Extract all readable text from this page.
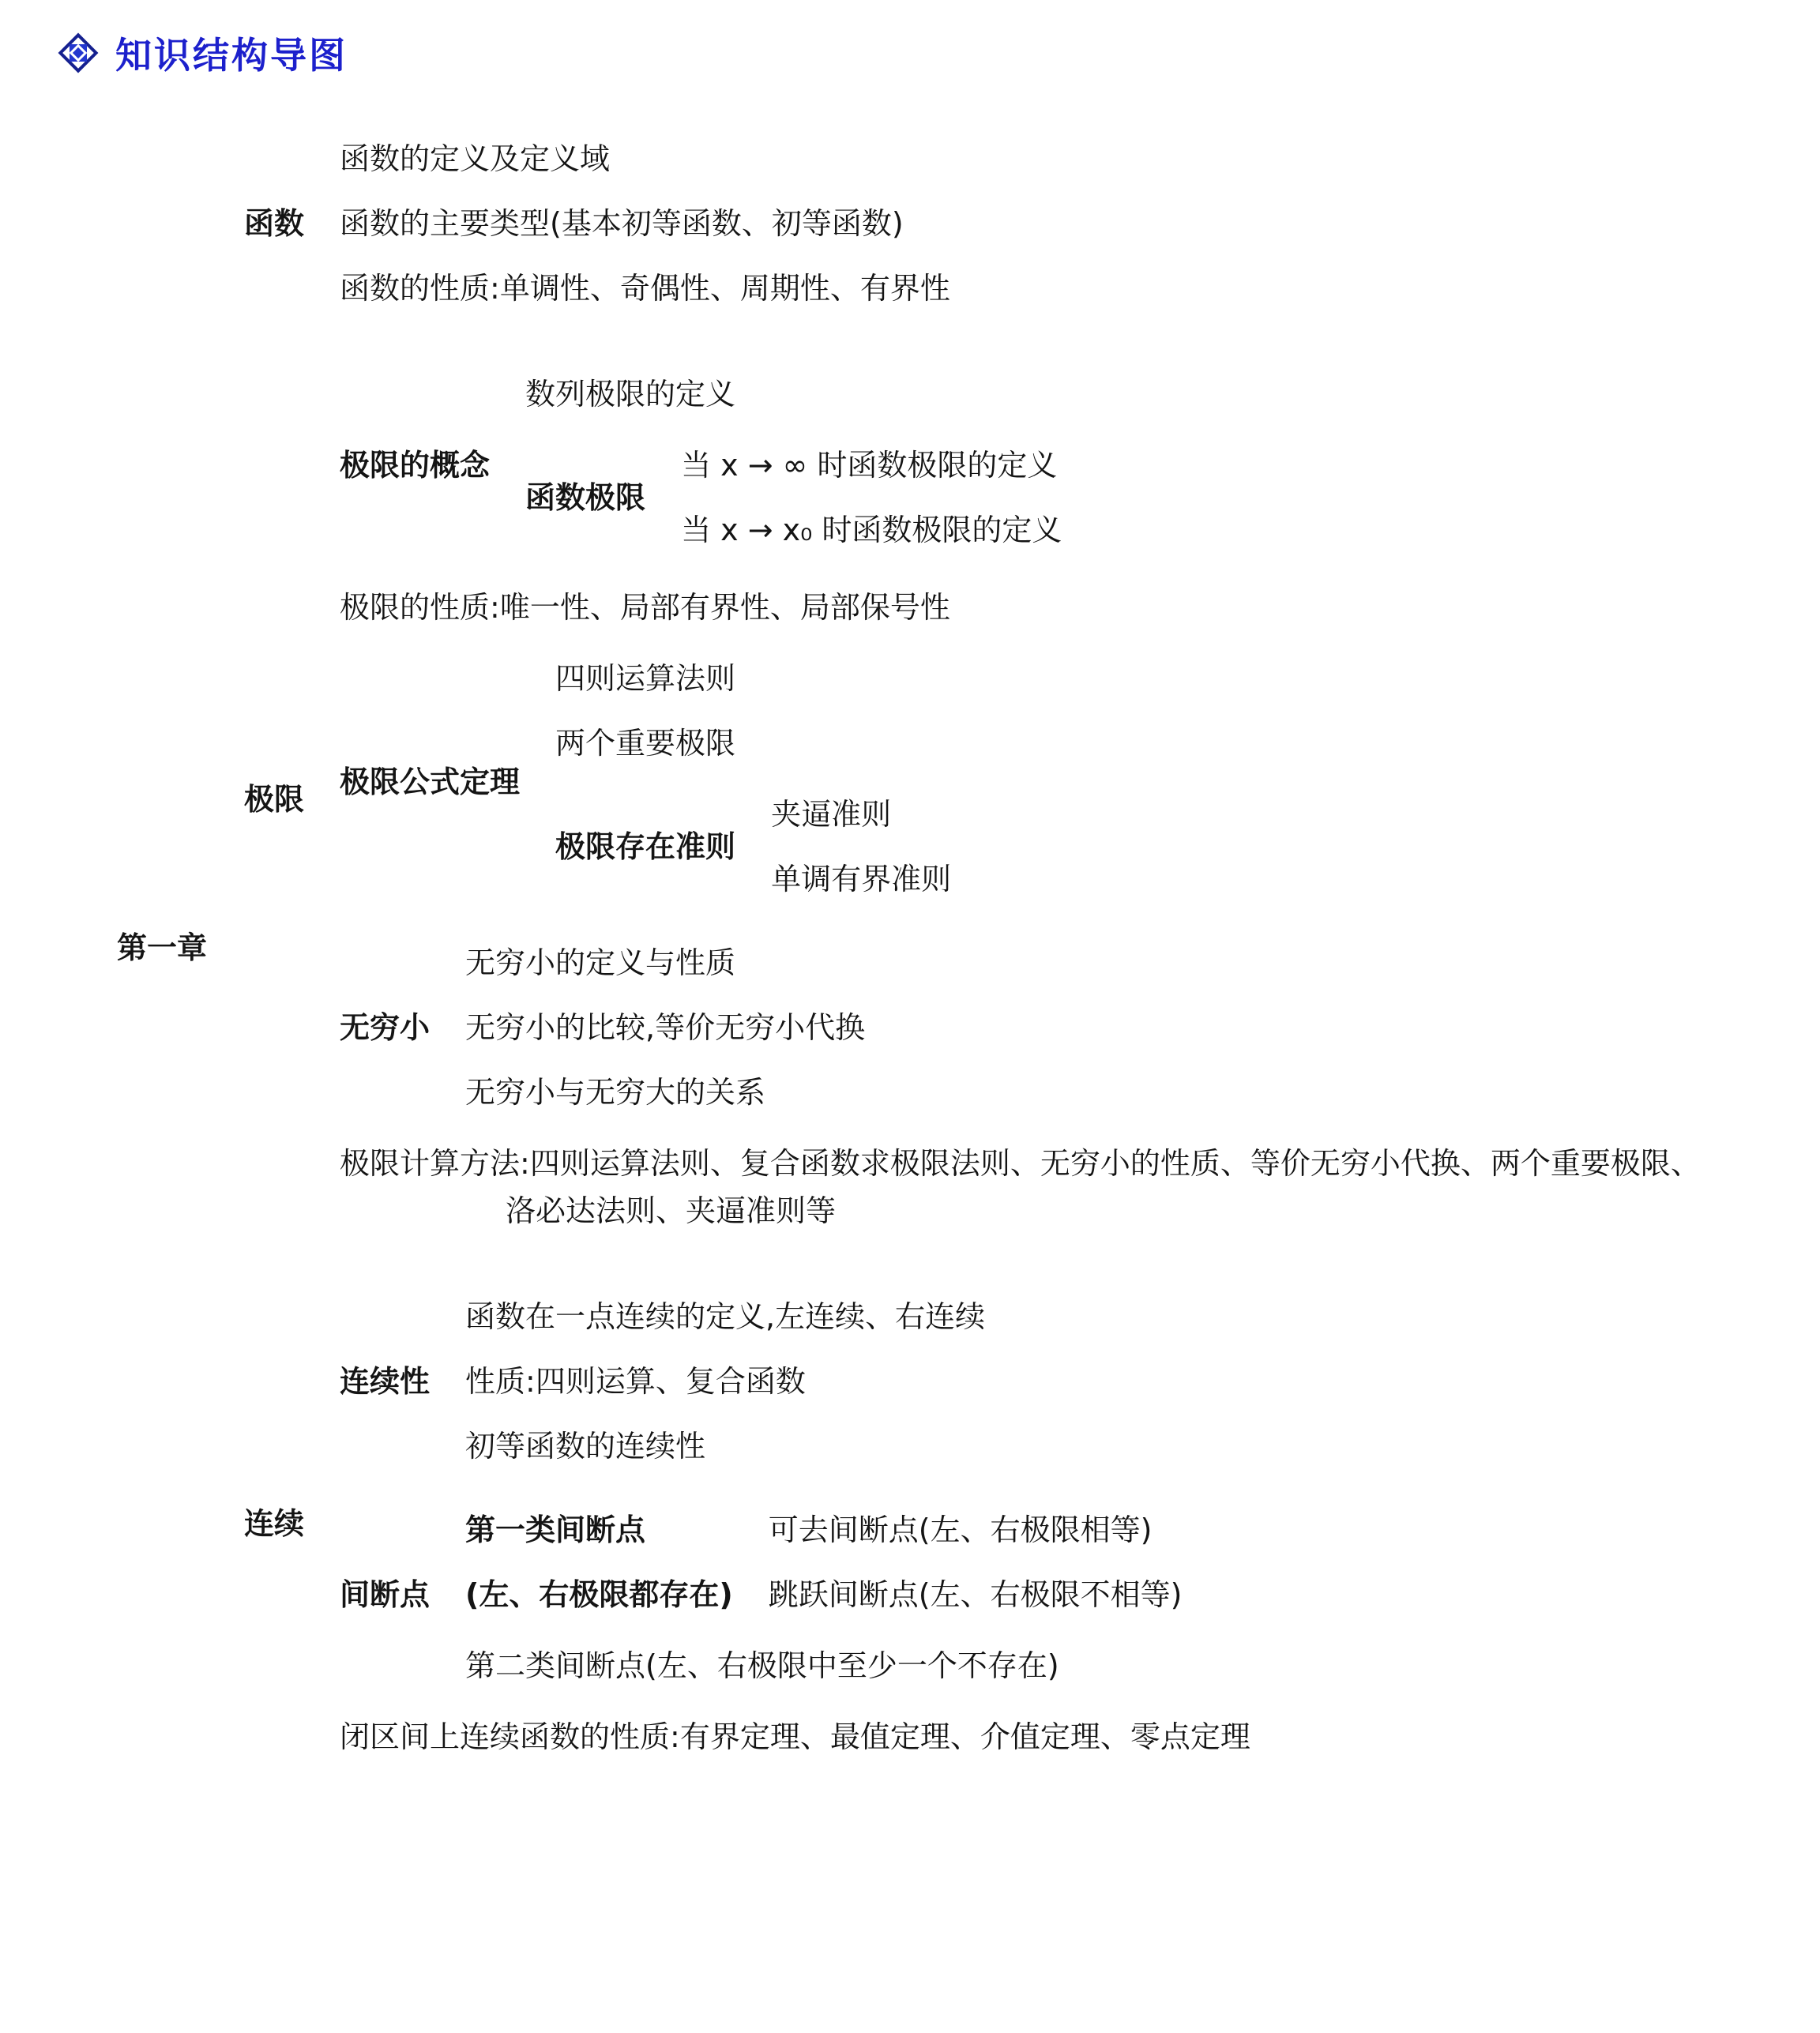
知识结构导图
第一章
函数
函数的定义及定义域
函数的主要类型(基本初等函数、初等函数)
函数的性质:单调性、奇偶性、周期性、有界性
极限
极限的概念
数列极限的定义
函数极限
当 x → ∞ 时函数极限的定义
当 x → x₀ 时函数极限的定义
极限的性质:唯一性、局部有界性、局部保号性
极限公式定理
四则运算法则
两个重要极限
极限存在准则
夹逼准则
单调有界准则
无穷小
无穷小的定义与性质
无穷小的比较,等价无穷小代换
无穷小与无穷大的关系
极限计算方法:四则运算法则、复合函数求极限法则、无穷小的性质、等价无穷小代换、两个重要极限、
洛必达法则、夹逼准则等
连续
连续性
函数在一点连续的定义,左连续、右连续
性质:四则运算、复合函数
初等函数的连续性
间断点
第一类间断点
(左、右极限都存在)
可去间断点(左、右极限相等)
跳跃间断点(左、右极限不相等)
第二类间断点(左、右极限中至少一个不存在)
闭区间上连续函数的性质:有界定理、最值定理、介值定理、零点定理
